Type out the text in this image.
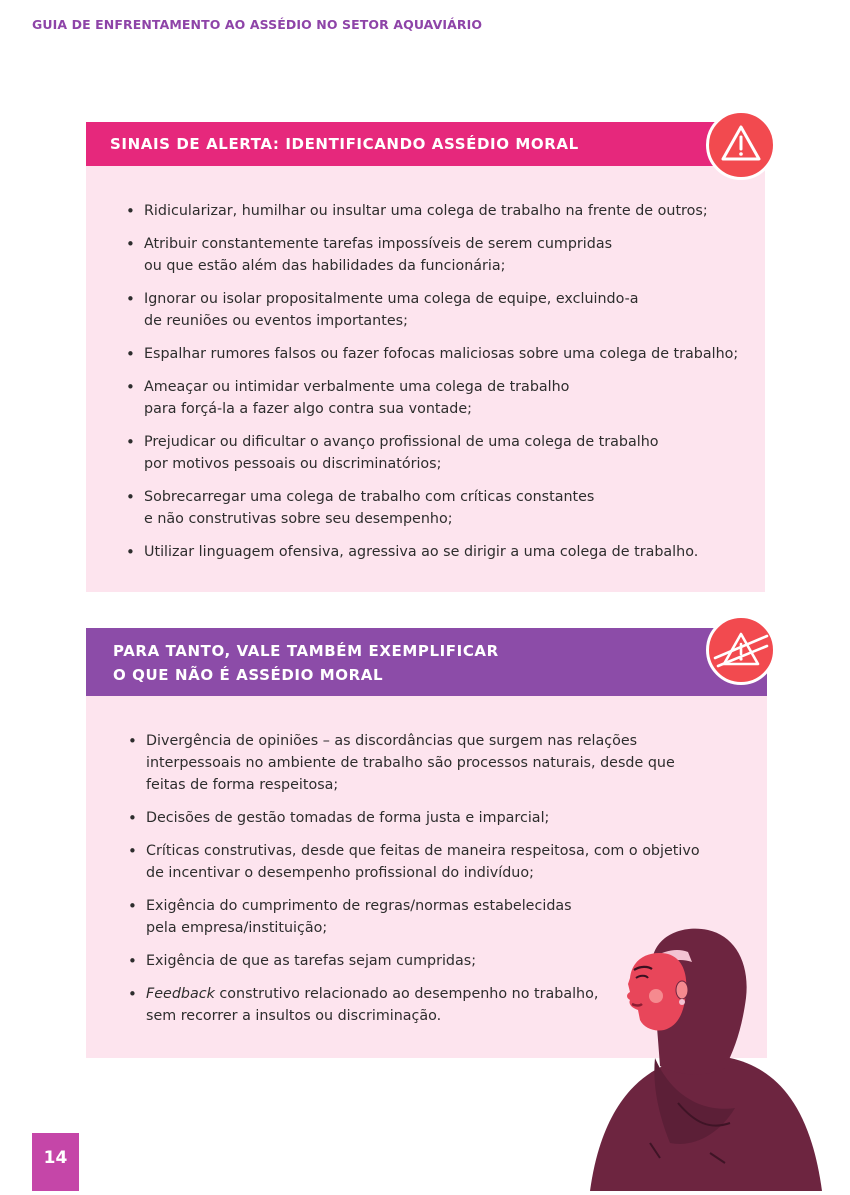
GUIA DE ENFRENTAMENTO AO ASSÉDIO NO SETOR AQUAVIÁRIO
SINAIS DE ALERTA: IDENTIFICANDO ASSÉDIO MORAL
• Ridicularizar, humilhar ou insultar uma colega de trabalho na frente de outros;
• Atribuir constantemente tarefas impossíveis de serem cumpridas
ou que estão além das habilidades da funcionária;
• Ignorar ou isolar propositalmente uma colega de equipe, excluindo-a
de reuniões ou eventos importantes;
• Espalhar rumores falsos ou fazer fofocas maliciosas sobre uma colega de trabalho;
• Ameaçar ou intimidar verbalmente uma colega de trabalho
para forçá-la a fazer algo contra sua vontade;
• Prejudicar ou dificultar o avanço profissional de uma colega de trabalho
por motivos pessoais ou discriminatórios;
• Sobrecarregar uma colega de trabalho com críticas constantes
e não construtivas sobre seu desempenho;
• Utilizar linguagem ofensiva, agressiva ao se dirigir a uma colega de trabalho.
PARA TANTO, VALE TAMBÉM EXEMPLIFICAR
O QUE NÃO É ASSÉDIO MORAL
• Divergência de opiniões – as discordâncias que surgem nas relações
interpessoais no ambiente de trabalho são processos naturais, desde que
feitas de forma respeitosa;
• Decisões de gestão tomadas de forma justa e imparcial;
• Críticas construtivas, desde que feitas de maneira respeitosa, com o objetivo
de incentivar o desempenho profissional do indivíduo;
• Exigência do cumprimento de regras/normas estabelecidas
pela empresa/instituição;
• Exigência de que as tarefas sejam cumpridas;
• Feedback construtivo relacionado ao desempenho no trabalho,
sem recorrer a insultos ou discriminação.
14
